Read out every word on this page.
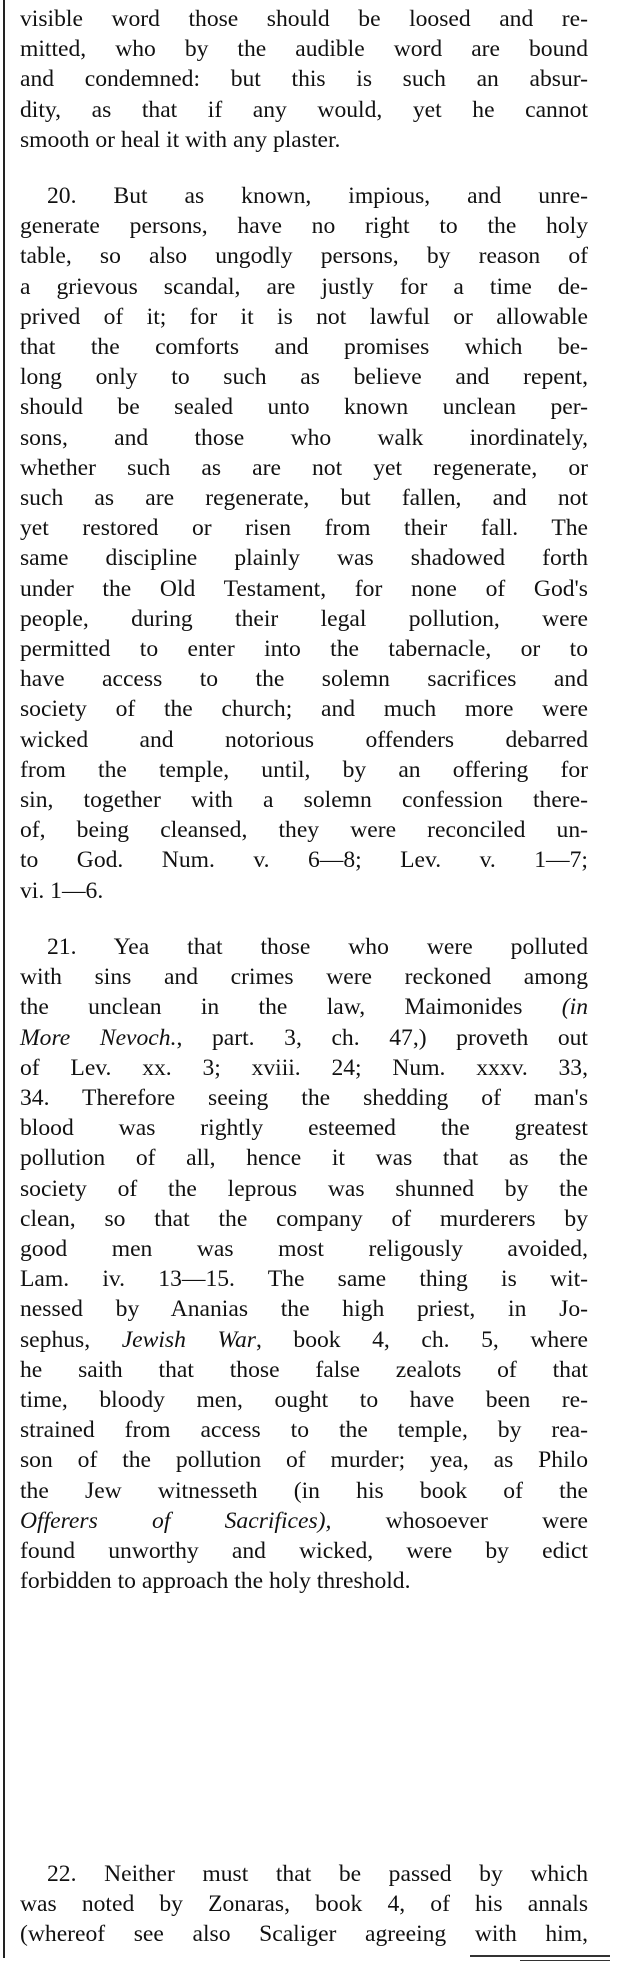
visible word those should be loosed and re-
mitted, who by the audible word are bound
and condemned: but this is such an absur-
dity, as that if any would, yet he cannot
smooth or heal it with any plaster.
20. But as known, impious, and unre-
generate persons, have no right to the holy
table, so also ungodly persons, by reason of
a grievous scandal, are justly for a time de-
prived of it; for it is not lawful or allowable
that the comforts and promises which be-
long only to such as believe and repent,
should be sealed unto known unclean per-
sons, and those who walk inordinately,
whether such as are not yet regenerate, or
such as are regenerate, but fallen, and not
yet restored or risen from their fall. The
same discipline plainly was shadowed forth
under the Old Testament, for none of God's
people, during their legal pollution, were
permitted to enter into the tabernacle, or to
have access to the solemn sacrifices and
society of the church; and much more were
wicked and notorious offenders debarred
from the temple, until, by an offering for
sin, together with a solemn confession there-
of, being cleansed, they were reconciled un-
to God. Num. v. 6—8; Lev. v. 1—7;
vi. 1—6.
21. Yea that those who were polluted
with sins and crimes were reckoned among
the unclean in the law, Maimonides (in
More Nevoch., part. 3, ch. 47,) proveth out
of Lev. xx. 3; xviii. 24; Num. xxxv. 33,
34. Therefore seeing the shedding of man's
blood was rightly esteemed the greatest
pollution of all, hence it was that as the
society of the leprous was shunned by the
clean, so that the company of murderers by
good men was most religously avoided,
Lam. iv. 13—15. The same thing is wit-
nessed by Ananias the high priest, in Jo-
sephus, Jewish War, book 4, ch. 5, where
he saith that those false zealots of that
time, bloody men, ought to have been re-
strained from access to the temple, by rea-
son of the pollution of murder; yea, as Philo
the Jew witnesseth (in his book of the
Offerers of Sacrifices), whosoever were
found unworthy and wicked, were by edict
forbidden to approach the holy threshold.
22. Neither must that be passed by which
was noted by Zonaras, book 4, of his annals
(whereof see also Scaliger agreeing with him,
